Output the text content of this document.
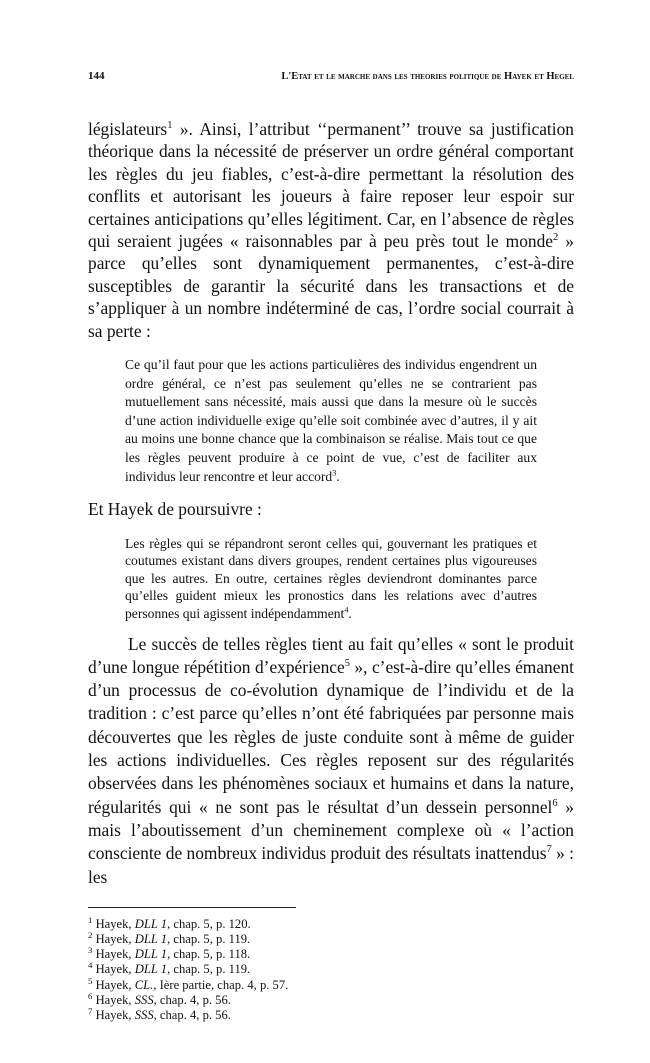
144	L'Etat et le marche dans les theories politique de Hayek et Hegel

législateurs$^1$ ». Ainsi, l’attribut ‘‘permanent’’ trouve sa justification théorique dans la nécessité de préserver un ordre général comportant les règles du jeu fiables, c’est-à-dire permettant la résolution des conflits et autorisant les joueurs à faire reposer leur espoir sur certaines anticipations qu’elles légitiment. Car, en l’absence de règles qui seraient jugées « raisonnables par à peu près tout le monde$^2$ » parce qu’elles sont dynamiquement permanentes, c’est-à-dire susceptibles de garantir la sécurité dans les transactions et de s’appliquer à un nombre indéterminé de cas, l’ordre social courrait à sa perte :

Ce qu’il faut pour que les actions particulières des individus engendrent un ordre général, ce n’est pas seulement qu’elles ne se contrarient pas mutuellement sans nécessité, mais aussi que dans la mesure où le succès d’une action individuelle exige qu’elle soit combinée avec d’autres, il y ait au moins une bonne chance que la combinaison se réalise. Mais tout ce que les règles peuvent produire à ce point de vue, c’est de faciliter aux individus leur rencontre et leur accord$^3$.

Et Hayek de poursuivre :

Les règles qui se répandront seront celles qui, gouvernant les pratiques et coutumes existant dans divers groupes, rendent certaines plus vigoureuses que les autres. En outre, certaines règles deviendront dominantes parce qu’elles guident mieux les pronostics dans les relations avec d’autres personnes qui agissent indépendamment$^4$.

Le succès de telles règles tient au fait qu’elles « sont le produit d’une longue répétition d’expérience$^5$ », c’est-à-dire qu’elles émanent d’un processus de co-évolution dynamique de l’individu et de la tradition : c’est parce qu’elles n’ont été fabriquées par personne mais découvertes que les règles de juste conduite sont à même de guider les actions individuelles. Ces règles reposent sur des régularités observées dans les phénomènes sociaux et humains et dans la nature, régularités qui « ne sont pas le résultat d’un dessein personnel$^6$ » mais l’aboutissement d’un cheminement complexe où « l’action consciente de nombreux individus produit des résultats inattendus$^7$ » : les

$^1$ Hayek, DLL 1, chap. 5, p. 120.
$^2$ Hayek, DLL 1, chap. 5, p. 119.
$^3$ Hayek, DLL 1, chap. 5, p. 118.
$^4$ Hayek, DLL 1, chap. 5, p. 119.
$^5$ Hayek, CL., Ière partie, chap. 4, p. 57.
$^6$ Hayek, SSS, chap. 4, p. 56.
$^7$ Hayek, SSS, chap. 4, p. 56.
